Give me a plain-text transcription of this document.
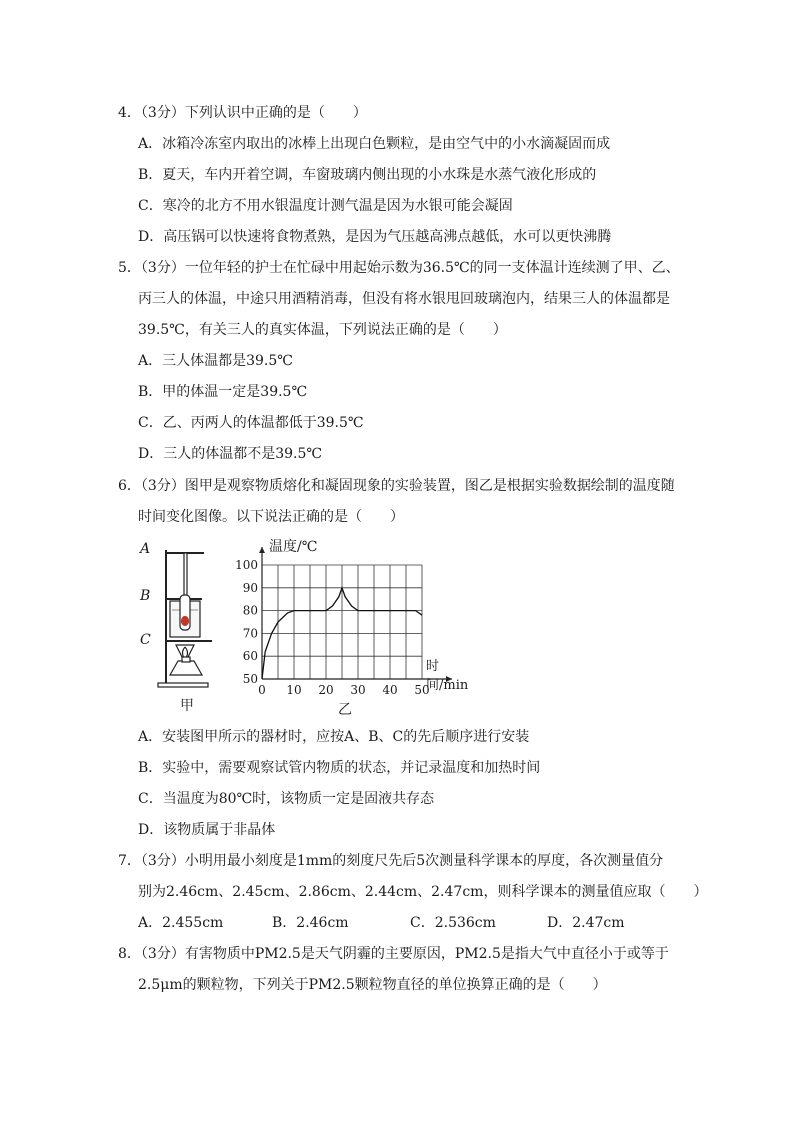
4．（3分）下列认识中正确的是（　　）
A．冰箱冷冻室内取出的冰棒上出现白色颗粒，是由空气中的小水滴凝固而成
B．夏天，车内开着空调，车窗玻璃内侧出现的小水珠是水蒸气液化形成的
C．寒冷的北方不用水银温度计测气温是因为水银可能会凝固
D．高压锅可以快速将食物煮熟，是因为气压越高沸点越低，水可以更快沸腾
5．（3分）一位年轻的护士在忙碌中用起始示数为36.5℃的同一支体温计连续测了甲、乙、
丙三人的体温，中途只用酒精消毒，但没有将水银甩回玻璃泡内，结果三人的体温都是
39.5℃，有关三人的真实体温，下列说法正确的是（　　）
A．三人体温都是39.5℃
B．甲的体温一定是39.5℃
C．乙、丙两人的体温都低于39.5℃
D．三人的体温都不是39.5℃
6．（3分）图甲是观察物质熔化和凝固现象的实验装置，图乙是根据实验数据绘制的温度随
时间变化图像。以下说法正确的是（　　）
0 10 20 30 40 50
50
60
70
80
90
100
A
B
C
甲	乙
温度/℃
时间/min
A．安装图甲所示的器材时，应按A、B、C的先后顺序进行安装
B．实验中，需要观察试管内物质的状态，并记录温度和加热时间
C．当温度为80℃时，该物质一定是固液共存态
D．该物质属于非晶体
7．（3分）小明用最小刻度是1mm的刻度尺先后5次测量科学课本的厚度，各次测量值分
别为2.46cm、2.45cm、2.86cm、2.44cm、2.47cm，则科学课本的测量值应取（　　）
A．2.455cm	B．2.46cm	C．2.536cm	D．2.47cm
8．（3分）有害物质中PM2.5是天气阴霾的主要原因，PM2.5是指大气中直径小于或等于
2.5μm的颗粒物，下列关于PM2.5颗粒物直径的单位换算正确的是（　　）
